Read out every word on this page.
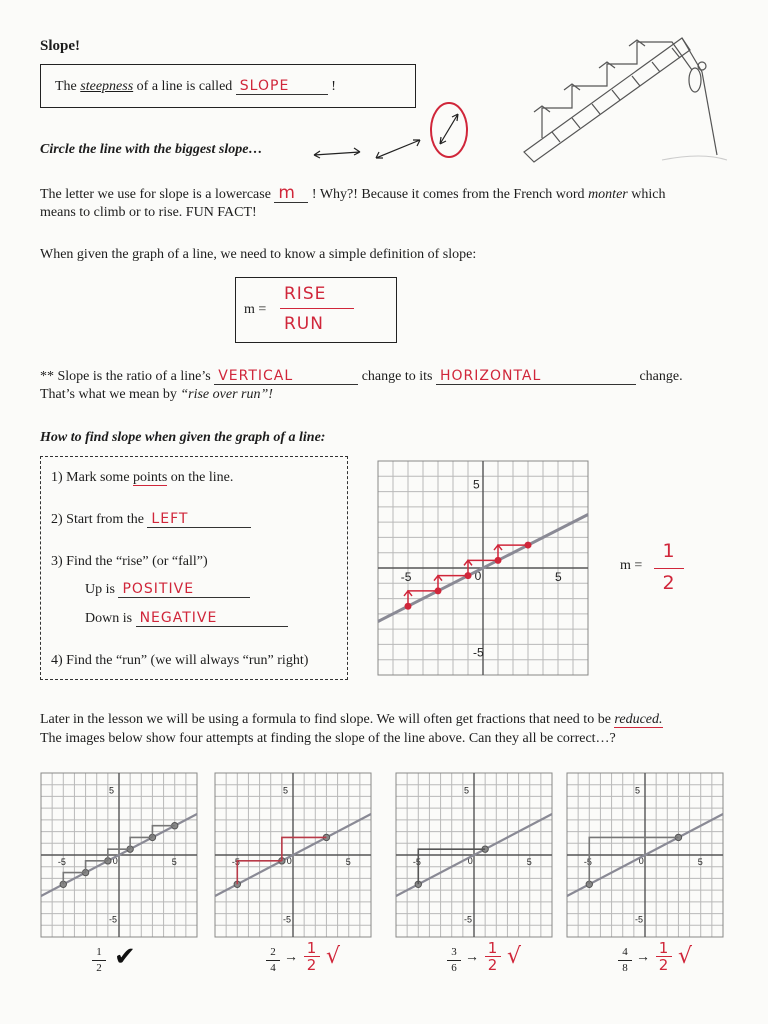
Slope!
The steepness of a line is called SLOPE	!
Circle the line with the biggest slope…
The letter we use for slope is a lowercase m ! Why?! Because it comes from the French word monter which
means to climb or to rise. FUN FACT!
When given the graph of a line, we need to know a simple definition of slope:
m =
RISE
RUN
** Slope is the ratio of a line’s VERTICAL	change to its HORIZONTAL	change.
That’s what we mean by “rise over run”!
How to find slope when given the graph of a line:
1) Mark some points on the line.
2) Start from the LEFT
3) Find the “rise” (or “fall”)
Up is POSITIVE
Down is NEGATIVE
4) Find the “run” (we will always “run” right)
5
-5
-5	5
0
m =
1
2
Later in the lesson we will be using a formula to find slope. We will often get fractions that need to be reduced.
The images below show four attempts at finding the slope of the line above. Can they all be correct…?
5
-5
-5	5
0
5
-5
-5	5
0
5
-5
-5	5
0
5
-5
-5	5
0
1
2 ✔	2
4
→
1
2 √	3
6
→
1
2 √	4
8
→
1
2 √
